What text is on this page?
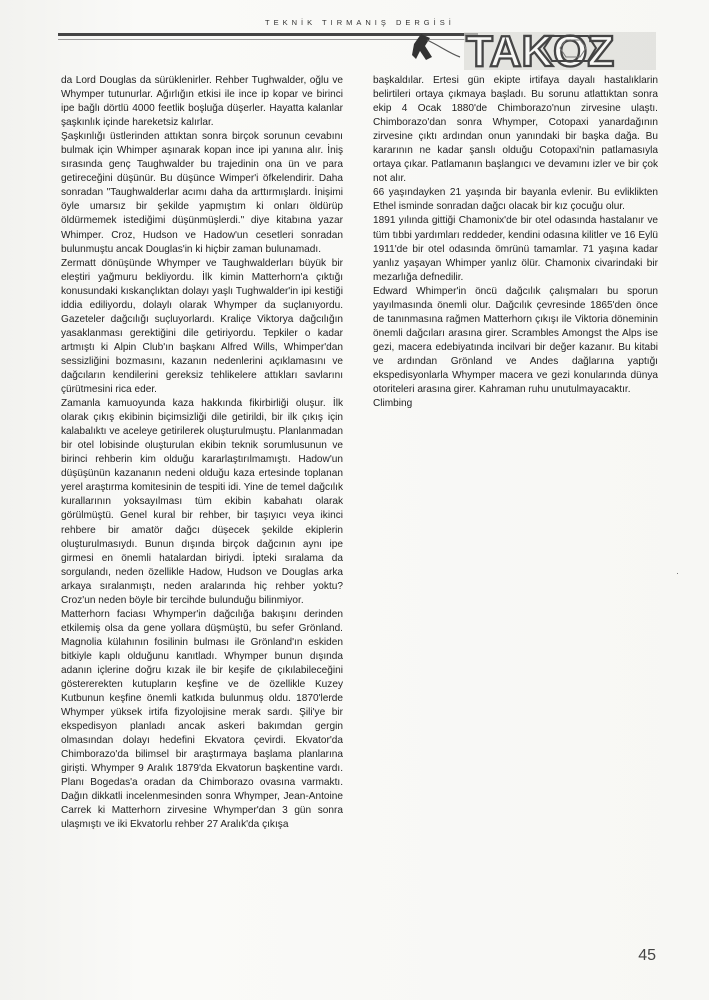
TEKNİK TIRMANIŞ DERGİSİ
TAKOZ

da Lord Douglas da sürüklenirler. Rehber Tughwalder, oğlu ve Whymper tutunurlar. Ağırlığın etkisi ile ince ip kopar ve birinci ipe bağlı dörtlü 4000 feetlik boşluğa düşerler. Hayatta kalanlar şaşkınlık içinde hareketsiz kalırlar.

Şaşkınlığı üstlerinden attıktan sonra birçok sorunun cevabını bulmak için Whimper aşınarak kopan ince ipi yanına alır. İniş sırasında genç Taughwalder bu trajedinin ona ün ve para getireceğini düşünür. Bu düşünce Wimper'i öfkelendirir. Daha sonradan "Taughwalderlar acımı daha da arttırmışlardı. İnişimi öyle umarsız bir şekilde yapmıştım ki onları öldürüp öldürmemek istediğimi düşünmüşlerdi." diye kitabına yazar Whimper. Croz, Hudson ve Hadow'un cesetleri sonradan bulunmuştu ancak Douglas'in ki hiçbir zaman bulunamadı.

Zermatt dönüşünde Whymper ve Taughwalderları büyük bir eleştiri yağmuru bekliyordu. İlk kimin Matterhorn'a çıktığı konusundaki kıskançlıktan dolayı yaşlı Tughwalder'in ipi kestiği iddia ediliyordu, dolaylı olarak Whymper da suçlanıyordu. Gazeteler dağcılığı suçluyorlardı. Kraliçe Viktorya dağcılığın yasaklanması gerektiğini dile getiriyordu. Tepkiler o kadar artmıştı ki Alpin Club'ın başkanı Alfred Wills, Whimper'dan sessizliğini bozmasını, kazanın nedenlerini açıklamasını ve dağcıların kendilerini gereksiz tehlikelere attıkları savlarını çürütmesini rica eder.

Zamanla kamuoyunda kaza hakkında fikirbirliği oluşur. İlk olarak çıkış ekibinin biçimsizliği dile getirildi, bir ilk çıkış için kalabalıktı ve aceleye getirilerek oluşturulmuştu. Planlanmadan bir otel lobisinde oluşturulan ekibin teknik sorumlusunun ve birinci rehberin kim olduğu kararlaştırılmamıştı. Hadow'un düşüşünün kazananın nedeni olduğu kaza ertesinde toplanan yerel araştırma komitesinin de tespiti idi. Yine de temel dağcılık kurallarının yoksayılması tüm ekibin kabahatı olarak görülmüştü. Genel kural bir rehber, bir taşıyıcı veya ikinci rehbere bir amatör dağcı düşecek şekilde ekiplerin oluşturulmasıydı. Bunun dışında birçok dağcının aynı ipe girmesi en önemli hatalardan biriydi. İpteki sıralama da sorgulandı, neden özellikle Hadow, Hudson ve Douglas arka arkaya sıralanmıştı, neden aralarında hiç rehber yoktu? Croz'un neden böyle bir tercihde bulunduğu bilinmiyor.

Matterhorn faciası Whymper'in dağcılığa bakışını derinden etkilemiş olsa da gene yollara düşmüştü, bu sefer Grönland. Magnolia külahının fosilinin bulması ile Grönland'ın eskiden bitkiyle kaplı olduğunu kanıtladı. Whymper bunun dışında adanın içlerine doğru kızak ile bir keşife de çıkılabileceğini göstererekten kutupların keşfine ve de özellikle Kuzey Kutbunun keşfine önemli katkıda bulunmuş oldu. 1870'lerde Whymper yüksek irtifa fizyolojisine merak sardı. Şili'ye bir ekspedisyon planladı ancak askeri bakımdan gergin olmasından dolayı hedefini Ekvatora çevirdi. Ekvator'da Chimborazo'da bilimsel bir araştırmaya başlama planlarına girişti. Whymper 9 Aralık 1879'da Ekvatorun başkentine vardı. Planı Bogedas'a oradan da Chimborazo ovasına varmaktı. Dağın dikkatli incelenmesinden sonra Whymper, Jean-Antoine Carrek ki Matterhorn zirvesine Whymper'dan 3 gün sonra ulaşmıştı ve iki Ekvatorlu rehber 27 Aralık'da çıkışa

başkaldılar. Ertesi gün ekipte irtifaya dayalı hastalıklarin belirtileri ortaya çıkmaya başladı. Bu sorunu atlattıktan sonra ekip 4 Ocak 1880'de Chimborazo'nun zirvesine ulaştı. Chimborazo'dan sonra Whymper, Cotopaxi yanardağının zirvesine çıktı ardından onun yanındaki bir başka dağa. Bu kararının ne kadar şanslı olduğu Cotopaxi'nin patlamasıyla ortaya çıkar. Patlamanın başlangıcı ve devamını izler ve bir çok not alır.

66 yaşındayken 21 yaşında bir bayanla evlenir. Bu evliklikten Ethel isminde sonradan dağcı olacak bir kız çocuğu olur.

1891 yılında gittiği Chamonix'de bir otel odasında hastalanır ve tüm tıbbi yardımları reddeder, kendini odasına kilitler ve 16 Eylü 1911'de bir otel odasında ömrünü tamamlar. 71 yaşına kadar yanlız yaşayan Whimper yanlız ölür. Chamonix civarindaki bir mezarlığa defnedilir.

Edward Whimper'in öncü dağcılık çalışmaları bu sporun yayılmasında önemli olur. Dağcılık çevresinde 1865'den önce de tanınmasına rağmen Matterhorn çıkışı ile Viktoria döneminin önemli dağcıları arasına girer. Scrambles Amongst the Alps ise gezi, macera edebiyatında incilvari bir değer kazanır. Bu kitabi ve ardından Grönland ve Andes dağlarına yaptığı ekspedisyonlarla Whymper macera ve gezi konularında dünya otoriteleri arasına girer. Kahraman ruhu unutulmayacaktır.

Climbing

45
